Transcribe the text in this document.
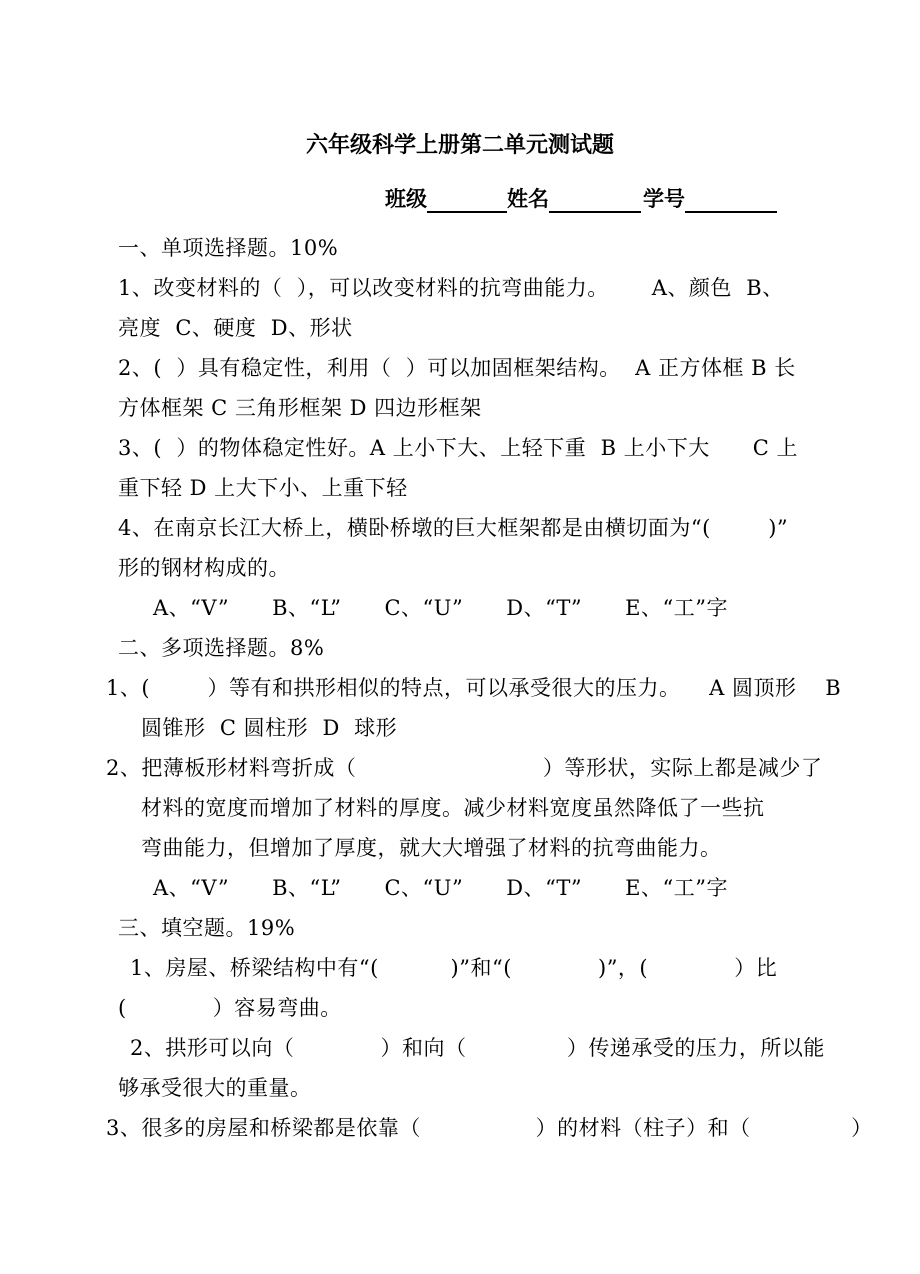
六年级科学上册第二单元测试题
班级	姓名	学号
一、单项选择题。10%
1、改变材料的（  ），可以改变材料的抗弯曲能力。      A、颜色  B、
亮度  C、硬度  D、形状
2、(  ）具有稳定性，利用（  ）可以加固框架结构。  A 正方体框 B 长
方体框架 C 三角形框架 D 四边形框架
3、(  ）的物体稳定性好。A 上小下大、上轻下重  B 上小下大      C 上
重下轻 D 上大下小、上重下轻
4、在南京长江大桥上，横卧桥墩的巨大框架都是由横切面为“(        )”
形的钢材构成的。
A、“V”      B、“L”      C、“U”      D、“T”      E、“工”字
二、多项选择题。8%
1、(        ）等有和拱形相似的特点，可以承受很大的压力。    A 圆顶形    B
圆锥形  C 圆柱形  D  球形
2、把薄板形材料弯折成（                          ）等形状，实际上都是减少了
材料的宽度而增加了材料的厚度。减少材料宽度虽然降低了一些抗
弯曲能力，但增加了厚度，就大大增强了材料的抗弯曲能力。
A、“V”      B、“L”      C、“U”      D、“T”      E、“工”字
三、填空题。19%
1、房屋、桥梁结构中有“(          )”和“(            )”，(            ）比
(            ）容易弯曲。
2、拱形可以向（            ）和向（              ）传递承受的压力，所以能
够承受很大的重量。
3、很多的房屋和桥梁都是依靠（                ）的材料（柱子）和（              ）
